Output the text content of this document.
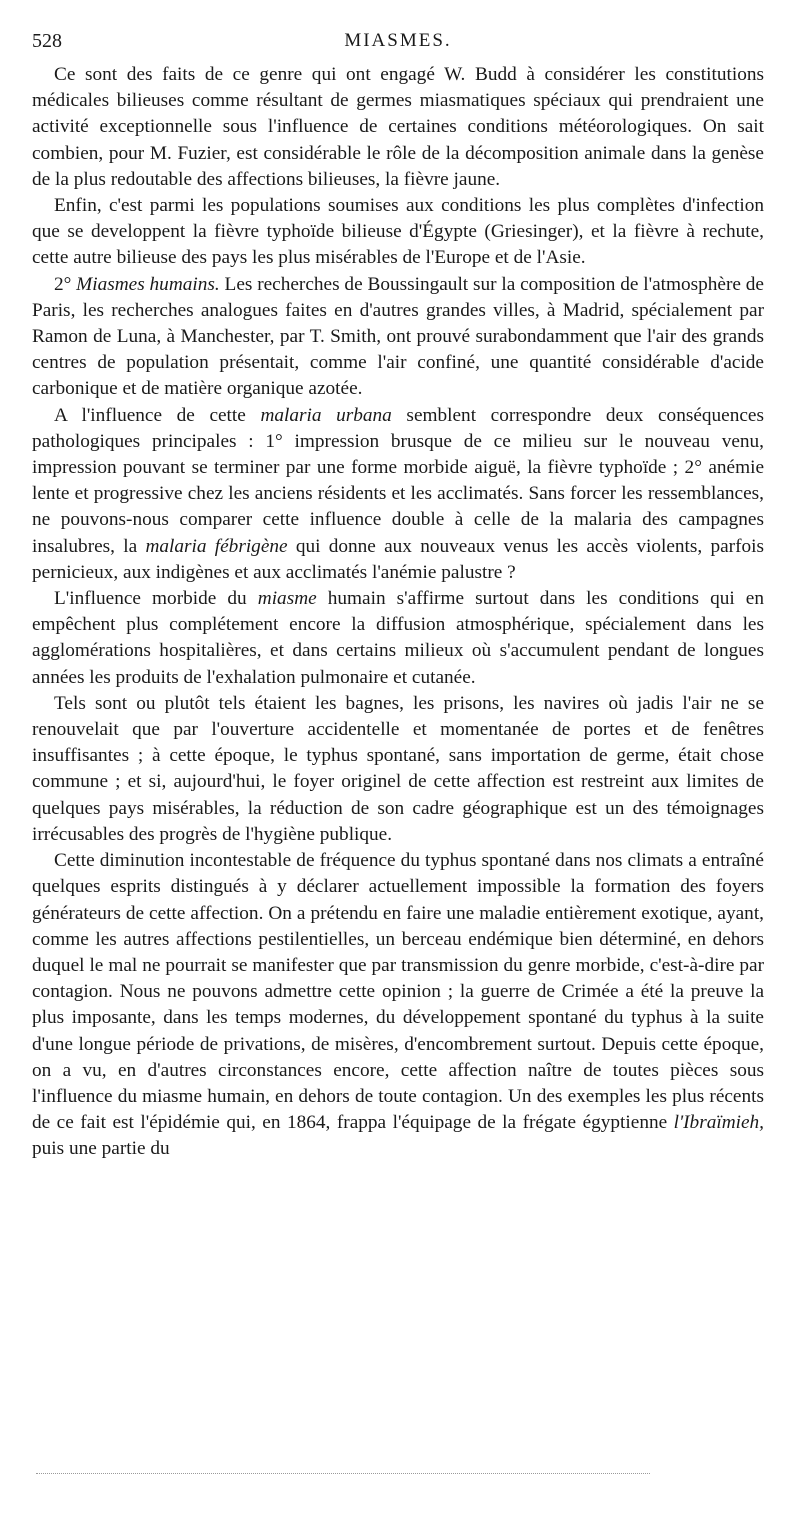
528	MIASMES.

Ce sont des faits de ce genre qui ont engagé W. Budd à considérer les constitutions médicales bilieuses comme résultant de germes miasmatiques spéciaux qui prendraient une activité exceptionnelle sous l'influence de certaines conditions météorologiques. On sait combien, pour M. Fuzier, est considérable le rôle de la décomposition animale dans la genèse de la plus redoutable des affections bilieuses, la fièvre jaune.

Enfin, c'est parmi les populations soumises aux conditions les plus complètes d'infection que se developpent la fièvre typhoïde bilieuse d'Égypte (Griesinger), et la fièvre à rechute, cette autre bilieuse des pays les plus misérables de l'Europe et de l'Asie.

2° Miasmes humains. Les recherches de Boussingault sur la composition de l'atmosphère de Paris, les recherches analogues faites en d'autres grandes villes, à Madrid, spécialement par Ramon de Luna, à Manchester, par T. Smith, ont prouvé surabondamment que l'air des grands centres de population présentait, comme l'air confiné, une quantité considérable d'acide carbonique et de matière organique azotée.

A l'influence de cette malaria urbana semblent correspondre deux conséquences pathologiques principales : 1° impression brusque de ce milieu sur le nouveau venu, impression pouvant se terminer par une forme morbide aiguë, la fièvre typhoïde ; 2° anémie lente et progressive chez les anciens résidents et les acclimatés. Sans forcer les ressemblances, ne pouvons-nous comparer cette influence double à celle de la malaria des campagnes insalubres, la malaria fébrigène qui donne aux nouveaux venus les accès violents, parfois pernicieux, aux indigènes et aux acclimatés l'anémie palustre ?

L'influence morbide du miasme humain s'affirme surtout dans les conditions qui en empêchent plus complétement encore la diffusion atmosphérique, spécialement dans les agglomérations hospitalières, et dans certains milieux où s'accumulent pendant de longues années les produits de l'exhalation pulmonaire et cutanée.

Tels sont ou plutôt tels étaient les bagnes, les prisons, les navires où jadis l'air ne se renouvelait que par l'ouverture accidentelle et momentanée de portes et de fenêtres insuffisantes ; à cette époque, le typhus spontané, sans importation de germe, était chose commune ; et si, aujourd'hui, le foyer originel de cette affection est restreint aux limites de quelques pays misérables, la réduction de son cadre géographique est un des témoignages irrécusables des progrès de l'hygiène publique.

Cette diminution incontestable de fréquence du typhus spontané dans nos climats a entraîné quelques esprits distingués à y déclarer actuellement impossible la formation des foyers générateurs de cette affection. On a prétendu en faire une maladie entièrement exotique, ayant, comme les autres affections pestilentielles, un berceau endémique bien déterminé, en dehors duquel le mal ne pourrait se manifester que par transmission du genre morbide, c'est-à-dire par contagion. Nous ne pouvons admettre cette opinion ; la guerre de Crimée a été la preuve la plus imposante, dans les temps modernes, du développement spontané du typhus à la suite d'une longue période de privations, de misères, d'encombrement surtout. Depuis cette époque, on a vu, en d'autres circonstances encore, cette affection naître de toutes pièces sous l'influence du miasme humain, en dehors de toute contagion. Un des exemples les plus récents de ce fait est l'épidémie qui, en 1864, frappa l'équipage de la frégate égyptienne l'Ibraïmieh, puis une partie du
